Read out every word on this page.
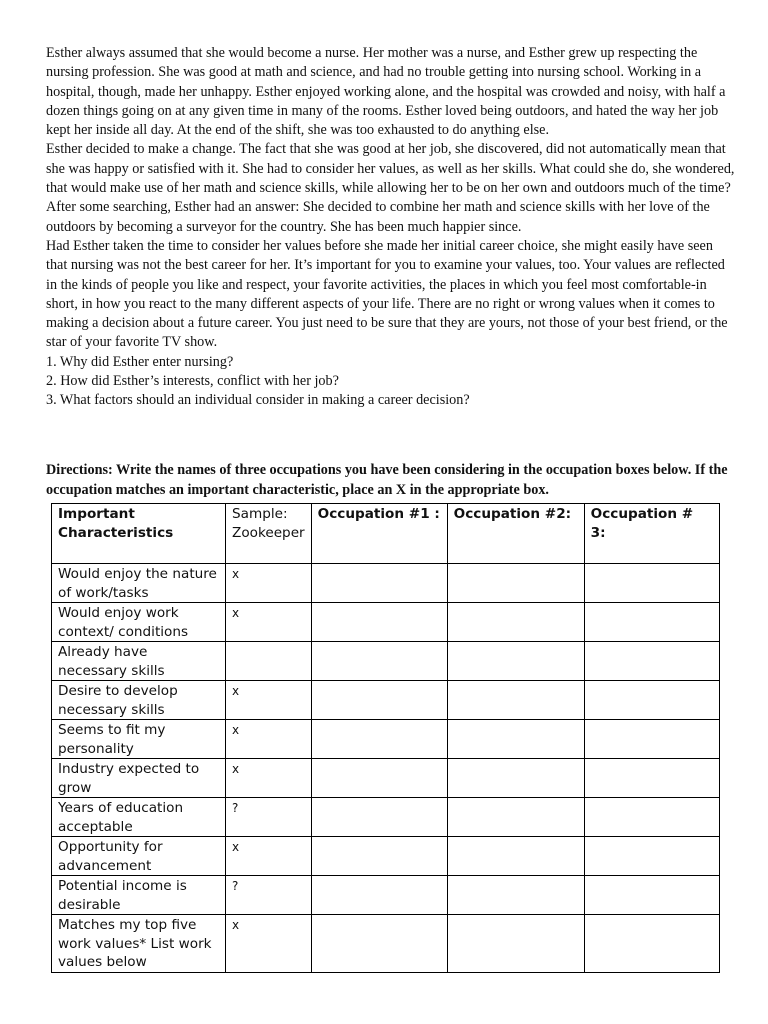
Esther always assumed that she would become a nurse. Her mother was a nurse, and Esther grew up respecting the nursing profession. She was good at math and science, and had no trouble getting into nursing school. Working in a hospital, though, made her unhappy. Esther enjoyed working alone, and the hospital was crowded and noisy, with half a dozen things going on at any given time in many of the rooms. Esther loved being outdoors, and hated the way her job kept her inside all day. At the end of the shift, she was too exhausted to do anything else.

Esther decided to make a change. The fact that she was good at her job, she discovered, did not automatically mean that she was happy or satisfied with it. She had to consider her values, as well as her skills. What could she do, she wondered, that would make use of her math and science skills, while allowing her to be on her own and outdoors much of the time? After some searching, Esther had an answer: She decided to combine her math and science skills with her love of the outdoors by becoming a surveyor for the country. She has been much happier since.

Had Esther taken the time to consider her values before she made her initial career choice, she might easily have seen that nursing was not the best career for her. It’s important for you to examine your values, too. Your values are reflected in the kinds of people you like and respect, your favorite activities, the places in which you feel most comfortable-in short, in how you react to the many different aspects of your life. There are no right or wrong values when it comes to making a decision about a future career. You just need to be sure that they are yours, not those of your best friend, or the star of your favorite TV show.

1. Why did Esther enter nursing?
2. How did Esther’s interests, conflict with her job?
3. What factors should an individual consider in making a career decision?

Directions: Write the names of three occupations you have been considering in the occupation boxes below. If the occupation matches an important characteristic, place an X in the appropriate box.

Important Characteristics	Sample: Zookeeper	Occupation #1 :	Occupation #2:	Occupation # 3:
Would enjoy the nature of work/tasks	x			
Would enjoy work context/ conditions	x			
Already have necessary skills				
Desire to develop necessary skills	x			
Seems to fit my personality	x			
Industry expected to grow	x			
Years of education acceptable	?			
Opportunity for advancement	x			
Potential income is desirable	?			
Matches my top five work values* List work values below	x			
